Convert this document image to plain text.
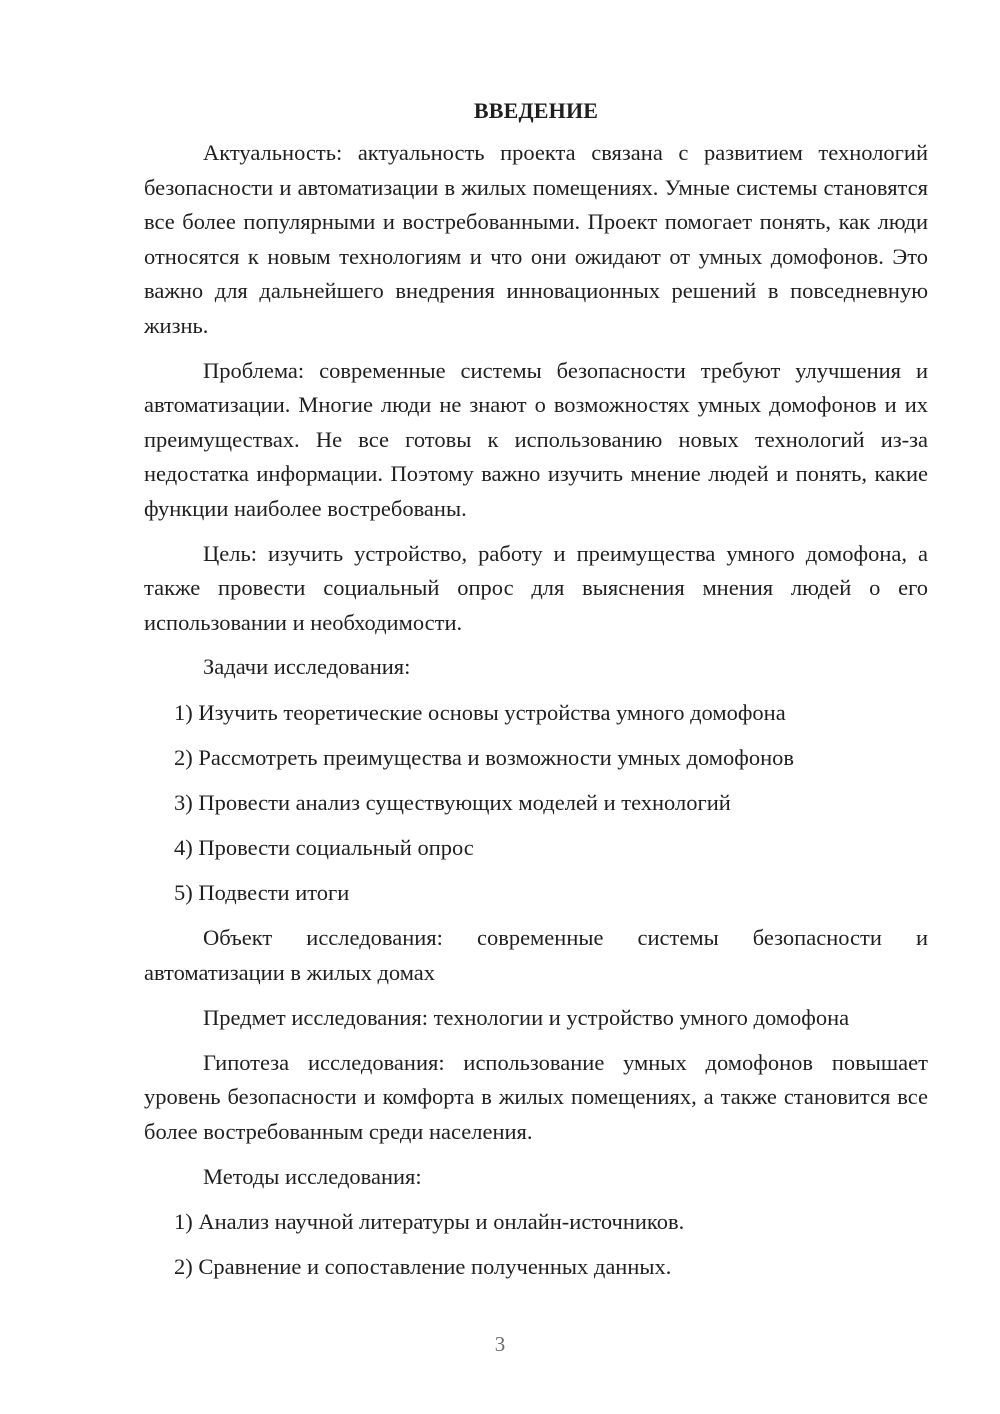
ВВЕДЕНИЕ

Актуальность: актуальность проекта связана с развитием технологий безопасности и автоматизации в жилых помещениях. Умные системы становятся все более популярными и востребованными. Проект помогает понять, как люди относятся к новым технологиям и что они ожидают от умных домофонов. Это важно для дальнейшего внедрения инновационных решений в повседневную жизнь.

Проблема: современные системы безопасности требуют улучшения и автоматизации. Многие люди не знают о возможностях умных домофонов и их преимуществах. Не все готовы к использованию новых технологий из-за недостатка информации. Поэтому важно изучить мнение людей и понять, какие функции наиболее востребованы.

Цель: изучить устройство, работу и преимущества умного домофона, а также провести социальный опрос для выяснения мнения людей о его использовании и необходимости.

Задачи исследования:

1) Изучить теоретические основы устройства умного домофона

2) Рассмотреть преимущества и возможности умных домофонов

3) Провести анализ существующих моделей и технологий

4) Провести социальный опрос

5) Подвести итоги

Объект исследования: современные системы безопасности и автоматизации в жилых домах

Предмет исследования: технологии и устройство умного домофона

Гипотеза исследования: использование умных домофонов повышает уровень безопасности и комфорта в жилых помещениях, а также становится все более востребованным среди населения.

Методы исследования:

1) Анализ научной литературы и онлайн-источников.

2) Сравнение и сопоставление полученных данных.

3
